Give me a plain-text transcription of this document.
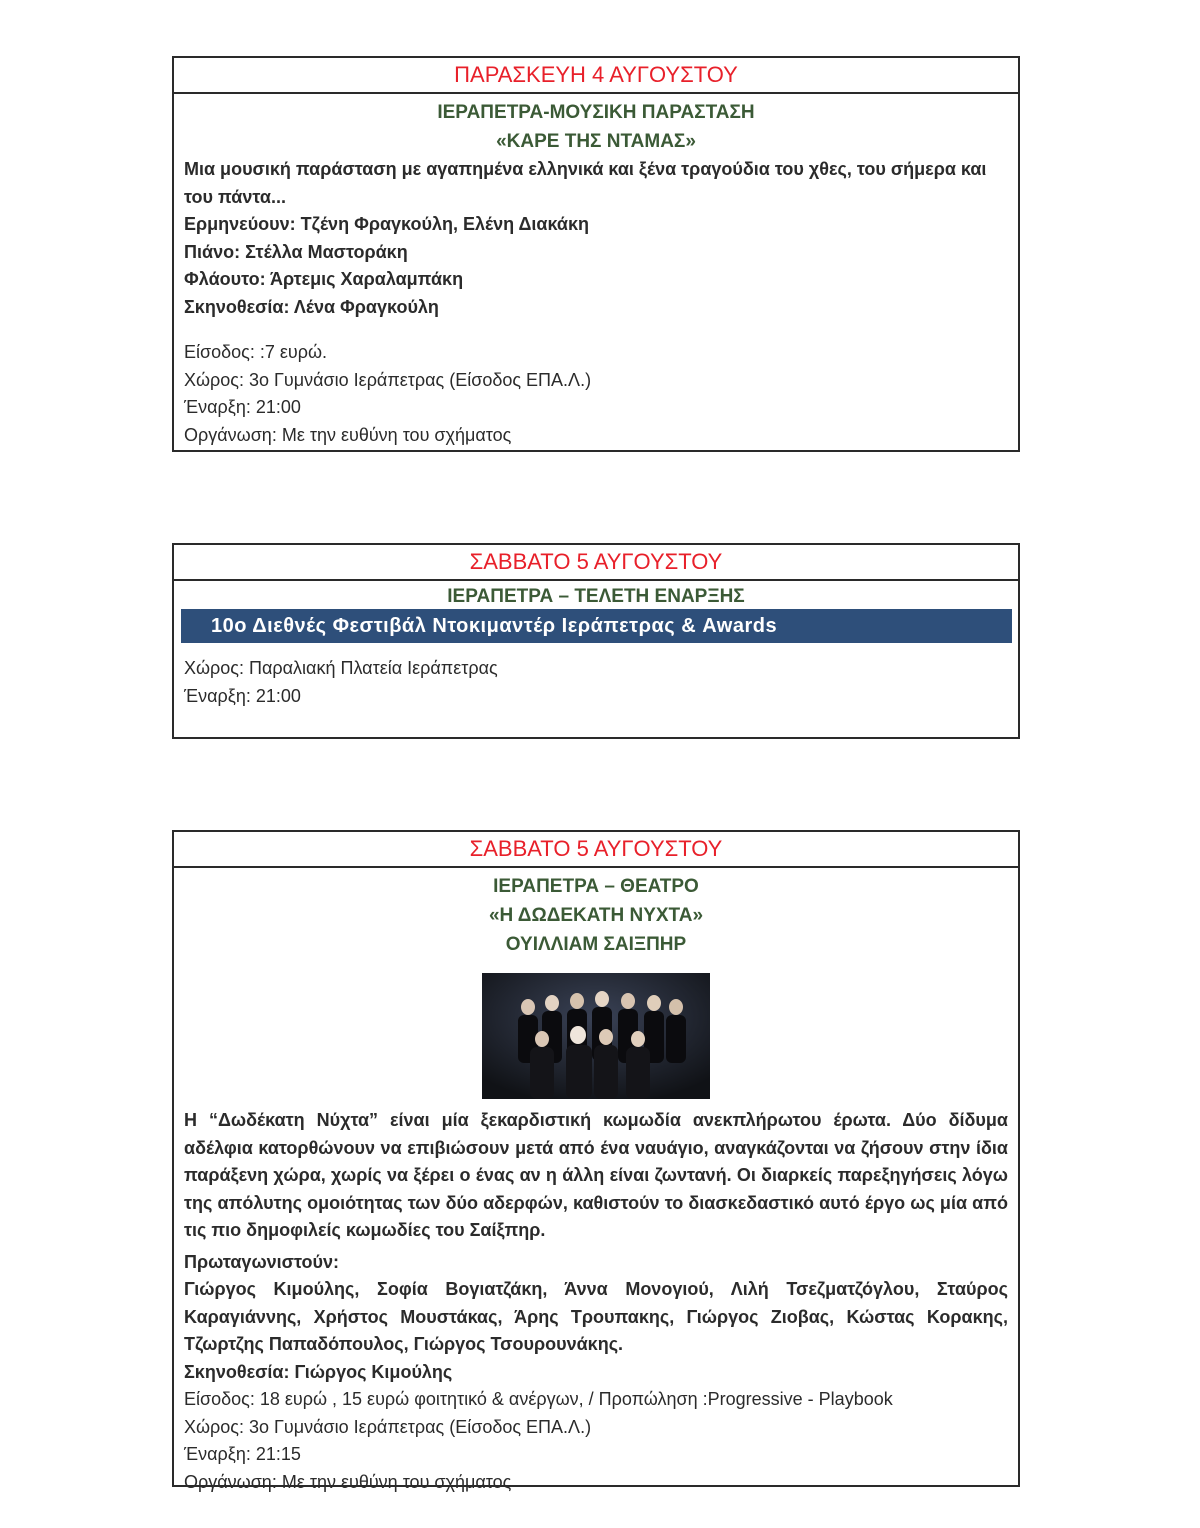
ΠΑΡΑΣΚΕΥΗ 4 ΑΥΓΟΥΣΤΟΥ
ΙΕΡΑΠΕΤΡΑ-ΜΟΥΣΙΚΗ ΠΑΡΑΣΤΑΣΗ
«ΚΑΡΕ ΤΗΣ ΝΤΑΜΑΣ»
Μια μουσική παράσταση με αγαπημένα ελληνικά και ξένα τραγούδια του χθες, του σήμερα και του πάντα...
Ερμηνεύουν: Τζένη Φραγκούλη, Ελένη Διακάκη
Πιάνο: Στέλλα Μαστοράκη
Φλάουτο: Άρτεμις Χαραλαμπάκη
Σκηνοθεσία: Λένα Φραγκούλη
Είσοδος: :7 ευρώ.
Χώρος: 3ο Γυμνάσιο Ιεράπετρας (Είσοδος ΕΠΑ.Λ.)
Έναρξη: 21:00
Οργάνωση: Με την ευθύνη του σχήματος
ΣΑΒΒΑΤΟ 5 ΑΥΓΟΥΣΤΟΥ
ΙΕΡΑΠΕΤΡΑ – ΤΕΛΕΤΗ ΕΝΑΡΞΗΣ
10ο Διεθνές Φεστιβάλ Ντοκιμαντέρ Ιεράπετρας & Awards
Χώρος: Παραλιακή Πλατεία Ιεράπετρας
Έναρξη: 21:00
ΣΑΒΒΑΤΟ 5 ΑΥΓΟΥΣΤΟΥ
ΙΕΡΑΠΕΤΡΑ – ΘΕΑΤΡΟ
«Η ΔΩΔΕΚΑΤΗ ΝΥΧΤΑ»
ΟΥΙΛΛΙΑΜ ΣΑΙΞΠΗΡ
Η “Δωδέκατη Νύχτα” είναι μία ξεκαρδιστική κωμωδία ανεκπλήρωτου έρωτα. Δύο δίδυμα αδέλφια κατορθώνουν να επιβιώσουν μετά από ένα ναυάγιο, αναγκάζονται να ζήσουν στην ίδια παράξενη χώρα, χωρίς να ξέρει ο ένας αν η άλλη είναι ζωντανή. Οι διαρκείς παρεξηγήσεις λόγω της απόλυτης ομοιότητας των δύο αδερφών, καθιστούν το διασκεδαστικό αυτό έργο ως μία από τις πιο δημοφιλείς κωμωδίες του Σαίξπηρ.
Πρωταγωνιστούν:
Γιώργος Κιμούλης, Σοφία Βογιατζάκη, Άννα Μονογιού, Λιλή Τσεζματζόγλου, Σταύρος Καραγιάννης, Χρήστος Μουστάκας, Άρης Τρουπακης, Γιώργος Ζιοβας, Κώστας Κορακης, Τζωρτζης Παπαδόπουλος, Γιώργος Τσουρουνάκης.
Σκηνοθεσία: Γιώργος Κιμούλης
Είσοδος: 18 ευρώ , 15 ευρώ φοιτητικό & ανέργων, / Προπώληση :Progressive - Playbook
Χώρος: 3ο Γυμνάσιο Ιεράπετρας (Είσοδος ΕΠΑ.Λ.)
Έναρξη: 21:15
Οργάνωση: Με την ευθύνη του σχήματος
